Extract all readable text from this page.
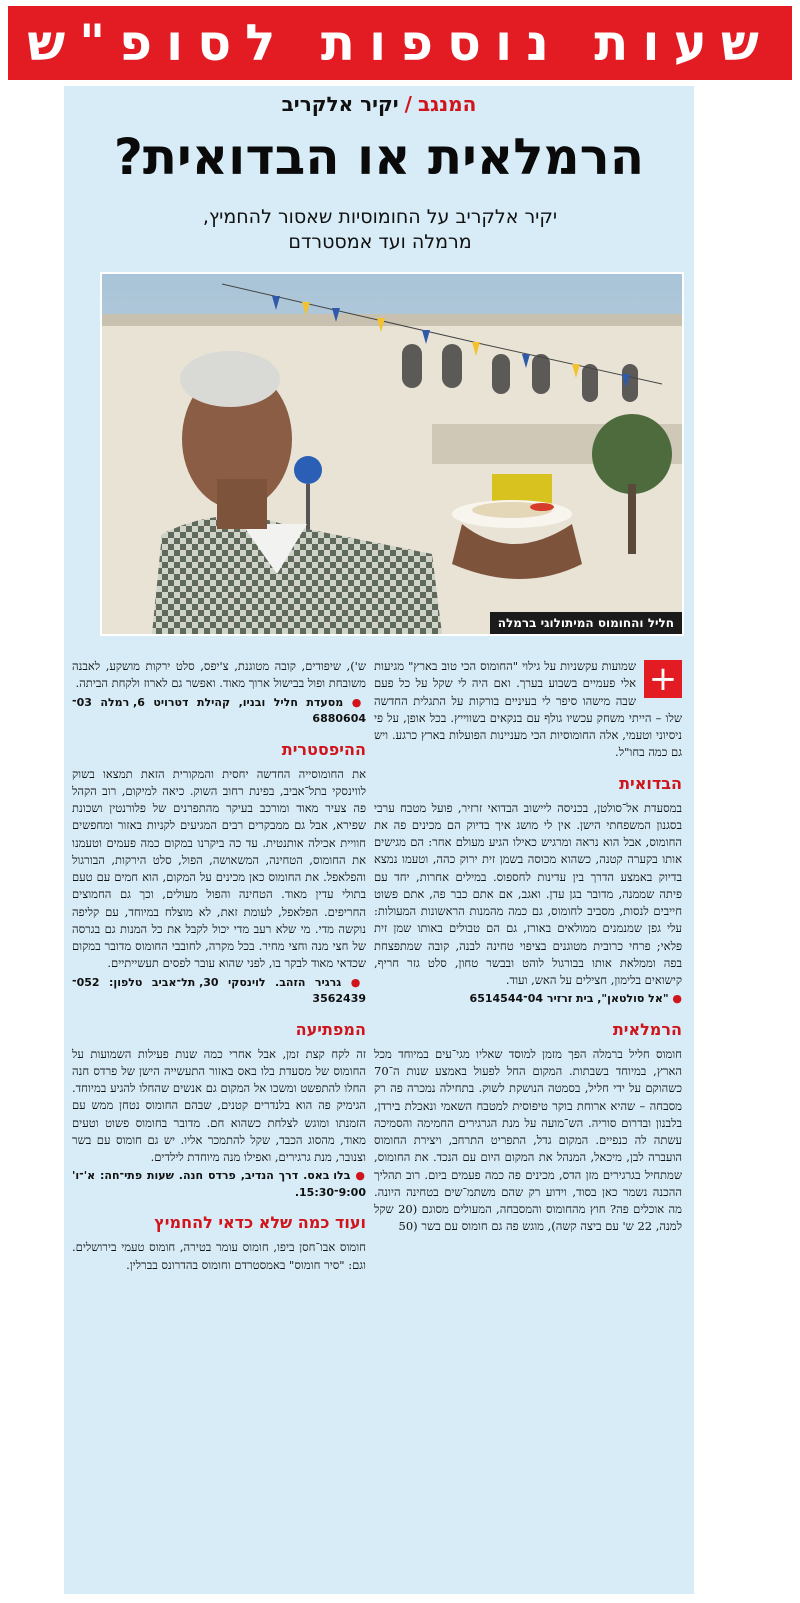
שעות נוספות לסופ"ש
המנגב/יקיר אלקריב
הרמלאית או הבדואית?
יקיר אלקריב על החומוסיות שאסור להחמיץ,
מרמלה ועד אמסטרדם
חליל והחומוס המיתולוגי ברמלה
+

שמועות עקשניות על גילוי "החומוס הכי טוב בארץ" מגיעות אלי פעמיים בשבוע בערך. ואם היה לי שקל על כל פעם שבה מישהו סיפר לי בעיניים בורקות על התגלית החדשה שלו – הייתי משחק עכשיו גולף עם בנקאים בשווייץ. בכל אופן, על פי ניסיוני וטעמי, אלה החומוסיות הכי מעניינות הפועלות בארץ כרגע. ויש גם כמה בחו"ל.

הבדואית

במסעדת אל־סולטן, בכניסה ליישוב הבדואי זרזיר, פועל מטבח ערבי בסגנון המשפחתי הישן. אין לי מושג איך בדיוק הם מכינים פה את החומוס, אבל הוא נראה ומרגיש כאילו הגיע מעולם אחר: הם מגישים אותו בקערה קטנה, כשהוא מכוסה בשמן זית ירוק כהה, וטעמו נמצא בדיוק באמצע הדרך בין עדינות לחספוס. במילים אחרות, יחד עם פיתה שממנה, מדובר בגן עדן. ואגב, אם אתם כבר פה, אתם פשוט חייבים לנסות, מסביב לחומוס, גם כמה מהמנות הראשונות המעולות: עלי גפן שמנמנים ממולאים באורז, גם הם טבולים באותו שמן זית פלאי; פרחי כרובית מטוגנים בציפוי טחינה לבנה, קובה שמתפצחת בפה וממלאת אותו בבורגול לוהט ובבשר טחון, סלט גזר חריף, קישואים בלימון, חצילים על האש, ועוד.

● "אל סולטאן", בית זרזיר 04־6514544

הרמלאית

חומוס חליל ברמלה הפך מזמן למוסד שאליו מגי־עים במיוחד מכל הארץ, במיוחד בשבתות. המקום החל לפעול באמצע שנות ה־70 כשהוקם על ידי חליל, בסמטה הנושקת לשוק. בתחילה נמכרה פה רק מסבחה – שהיא ארוחת בוקר טיפוסית למטבח השאמי ונאכלת בירדן, בלבנון ובדרום סוריה. הש־מועה על מנת הגרגירים החמימה והסמיכה עשתה לה כנפיים. המקום גדל, התפריט התרחב, ויצירת החומוס הועברה לבן, מיכאל, המנהל את המקום היום עם הנכד. את החומוס, שמתחיל בגרגירים מזן הדס, מכינים פה כמה פעמים ביום. רוב תהליך ההכנה נשמר כאן בסוד, וידוע רק שהם משתמ־שים בטחינה היונה. מה אוכלים פה? חוץ מהחומוס והמסבחה, המעולים מסוגם (20 שקל למנה, 22 ש' עם ביצה קשה), מוגש פה גם חומוס עם בשר (50

ש'), שיפודים, קובה מטוגנת, צ'יפס, סלט ירקות מושקע, לאבנה משובחת ופול בבישול ארוך מאוד. ואפשר גם לארוז ולקחת הביתה.

● מסעדת חליל ובניו, קהילת דטרויט 6, רמלה 03־6880604

ההיפסטרית

את החומוסייה החדשה יחסית והמקורית הזאת תמצאו בשוק לווינסקי בתל־אביב, בפינת רחוב השוק. כיאה למיקום, רוב הקהל פה צעיר מאוד ומורכב בעיקר מהתפרנים של פלורנטין ושכונת שפירא, אבל גם ממבקרים רבים המגיעים לקניות באזור ומחפשים חוויית אכילה אותנטית. עד כה ביקרנו במקום כמה פעמים וטעמנו את החומוס, הטחינה, המשאושה, הפול, סלט הירקות, הבורגול והפלאפל. את החומוס כאן מכינים על המקום, הוא חמים עם טעם בתולי עדין מאוד. הטחינה והפול מעולים, וכך גם החמוצים החריפים. הפלאפל, לעומת זאת, לא מוצלח במיוחד, עם קליפה נוקשה מדי. מי שלא רעב מדי יכול לקבל את כל המנות גם בגרסה של חצי מנה וחצי מחיר. בכל מקרה, לחובבי החומוס מדובר במקום שכדאי מאוד לבקר בו, לפני שהוא עובר לפסים תעשייתיים.

● גרגיר הזהב. לוינסקי 30, תל־אביב טלפון: 052־3562439

המפתיעה

זה לקח קצת זמן, אבל אחרי כמה שנות פעילות השמועות על החומוס של מסעדת בלו באס באזור התעשייה הישן של פרדס חנה החלו להתפשט ומשכו אל המקום גם אנשים שהחלו להגיע במיוחד. הגימיק פה הוא בלנדרים קטנים, שבהם החומוס נטחן ממש עם הזמנתו ומוגש לצלחת כשהוא חם. מדובר בחומוס פשוט וטעים מאוד, מהסוג הכבד, שקל להתמכר אליו. יש גם חומוס עם בשר וצנובר, מנת גרגירים, ואפילו מנה מיוחדת לילדים.

● בלו באס. דרך הנדיב, פרדס חנה. שעות פתי־חה: א'־ו' 9:00־15:30.

ועוד כמה שלא כדאי להחמיץ

חומוס אבו־חסן ביפו, חומוס עומר בטירה, חומוס טעמי בירושלים. וגם: "סיר חומוס" באמסטרדם וחומוס בהדרונס בברלין.
